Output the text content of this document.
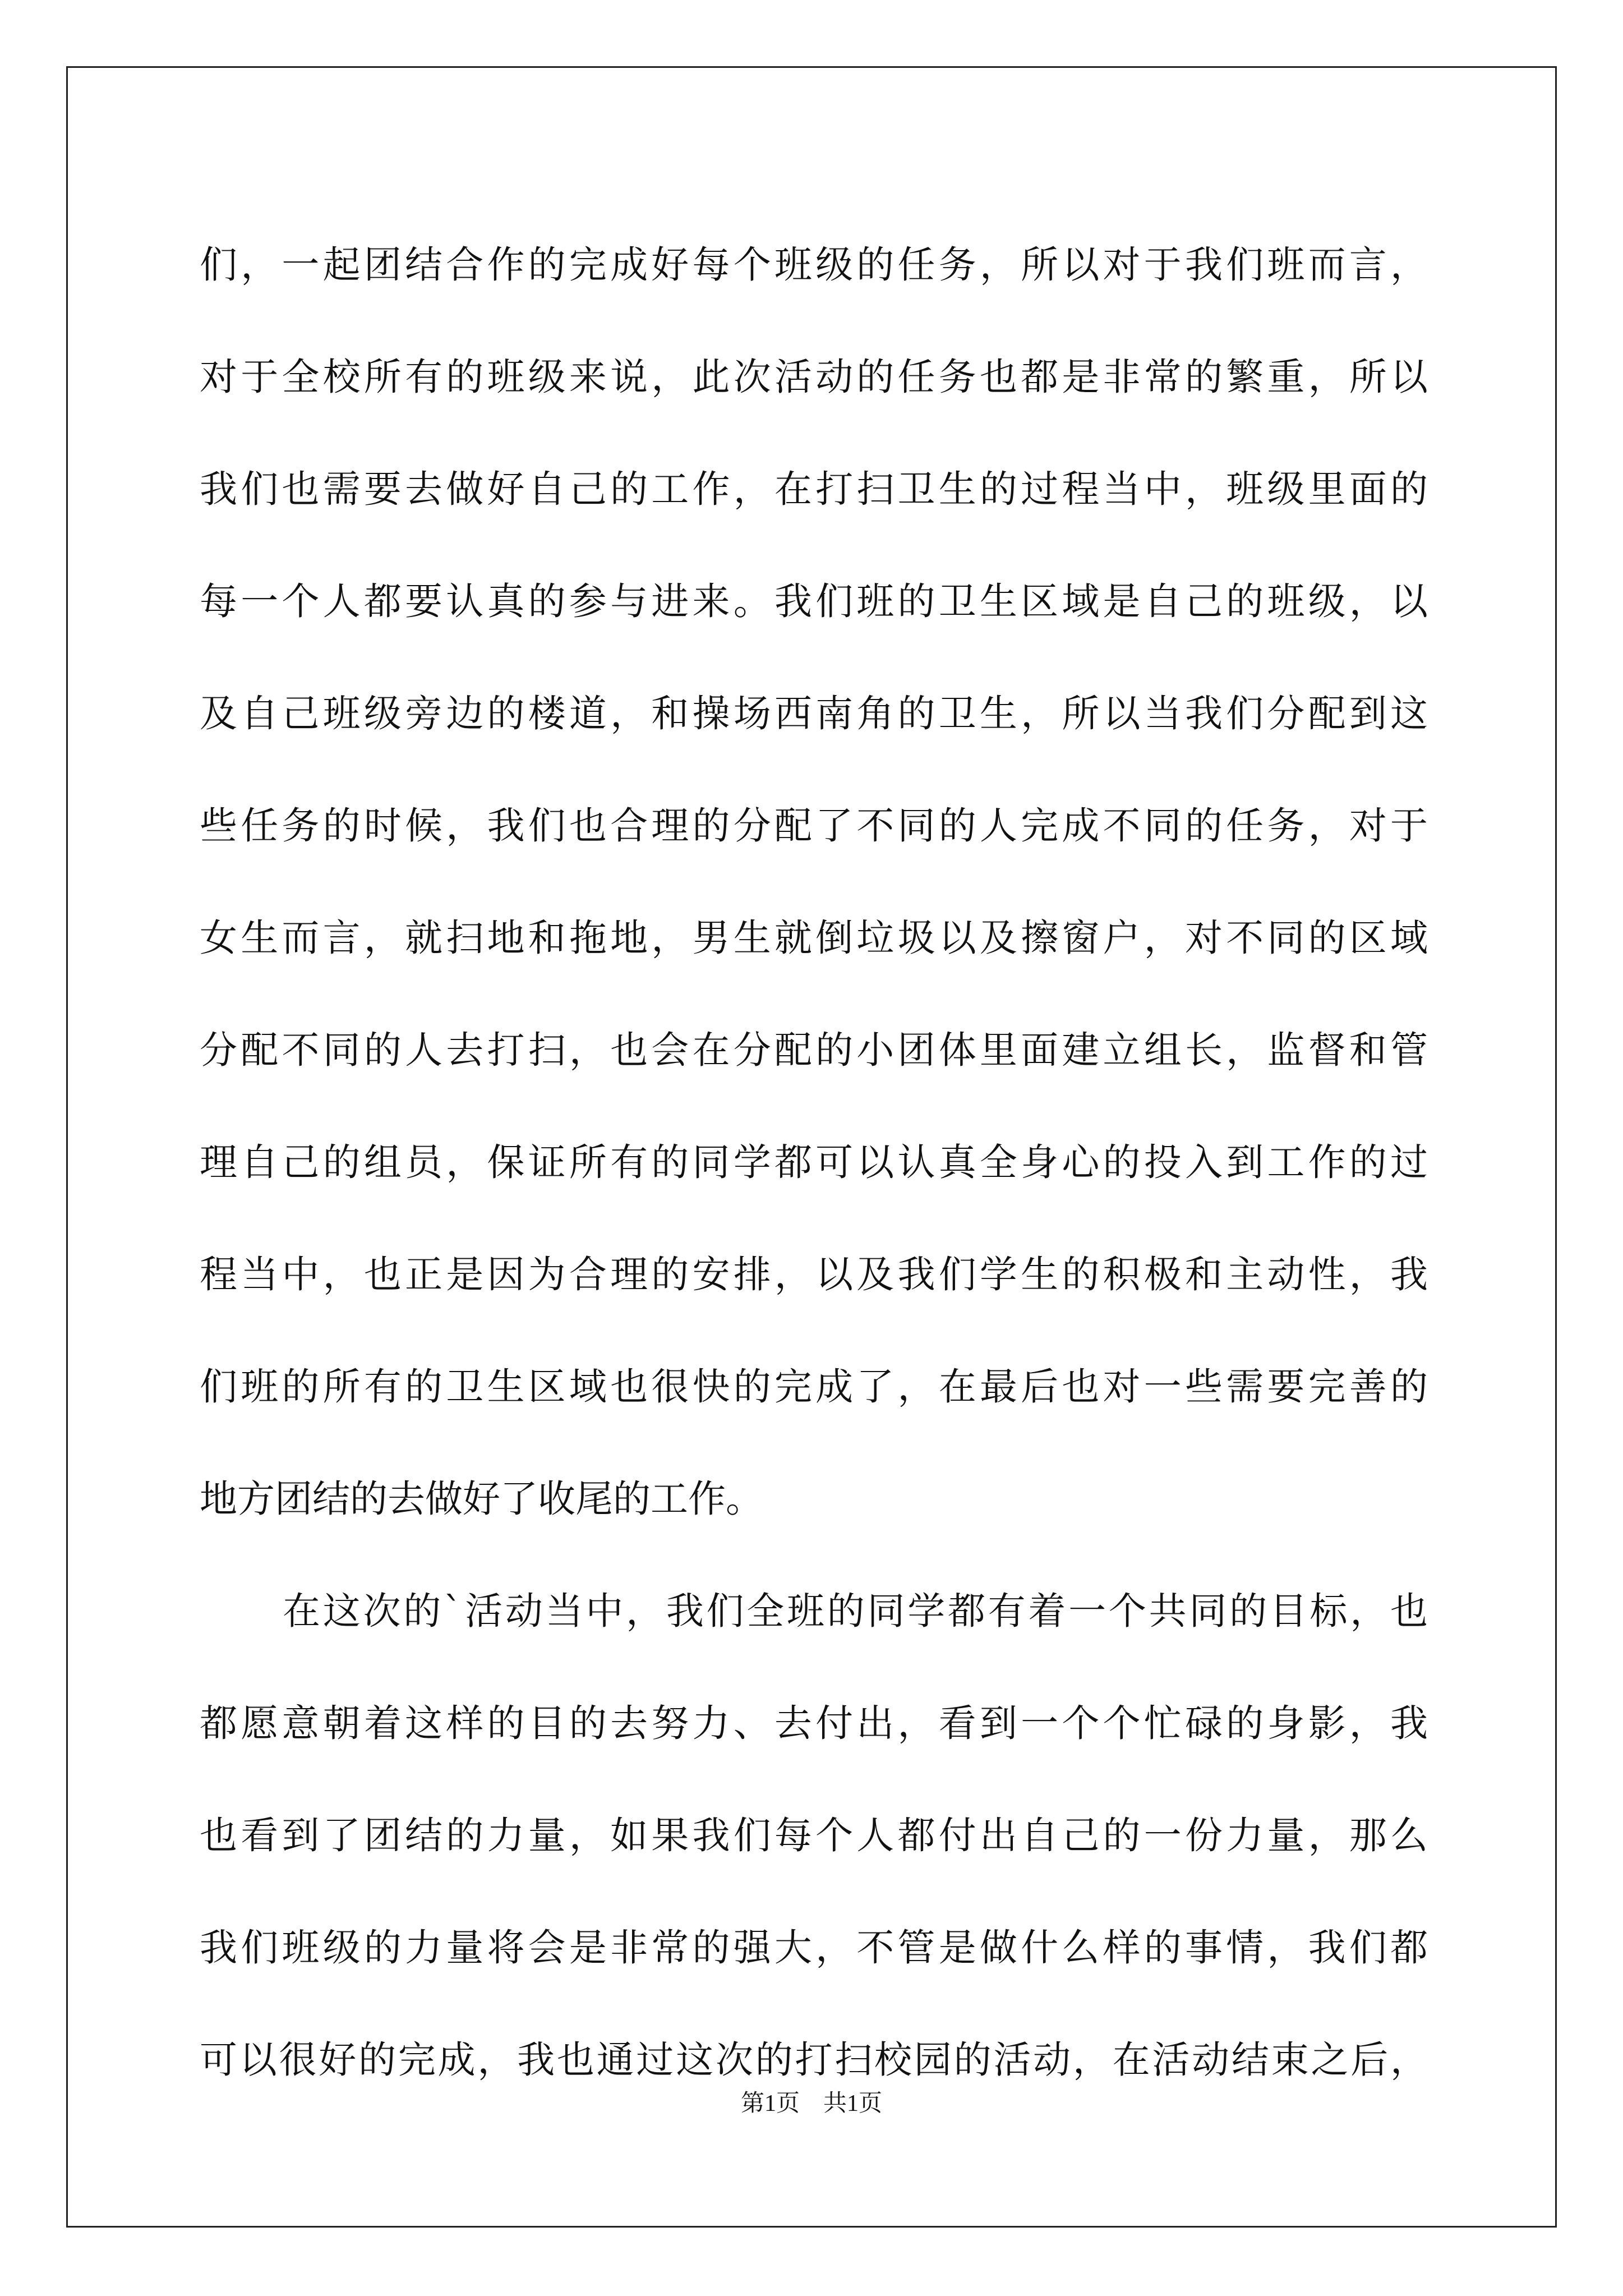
们，一起团结合作的完成好每个班级的任务，所以对于我们班而言，
对于全校所有的班级来说，此次活动的任务也都是非常的繁重，所以
我们也需要去做好自己的工作，在打扫卫生的过程当中，班级里面的
每一个人都要认真的参与进来。我们班的卫生区域是自己的班级，以
及自己班级旁边的楼道，和操场西南角的卫生，所以当我们分配到这
些任务的时候，我们也合理的分配了不同的人完成不同的任务，对于
女生而言，就扫地和拖地，男生就倒垃圾以及擦窗户，对不同的区域
分配不同的人去打扫，也会在分配的小团体里面建立组长，监督和管
理自己的组员，保证所有的同学都可以认真全身心的投入到工作的过
程当中，也正是因为合理的安排，以及我们学生的积极和主动性，我
们班的所有的卫生区域也很快的完成了，在最后也对一些需要完善的
地方团结的去做好了收尾的工作。
在这次的`活动当中，我们全班的同学都有着一个共同的目标，也
都愿意朝着这样的目的去努力、去付出，看到一个个忙碌的身影，我
也看到了团结的力量，如果我们每个人都付出自己的一份力量，那么
我们班级的力量将会是非常的强大，不管是做什么样的事情，我们都
可以很好的完成，我也通过这次的打扫校园的活动，在活动结束之后，
第1页　共1页
